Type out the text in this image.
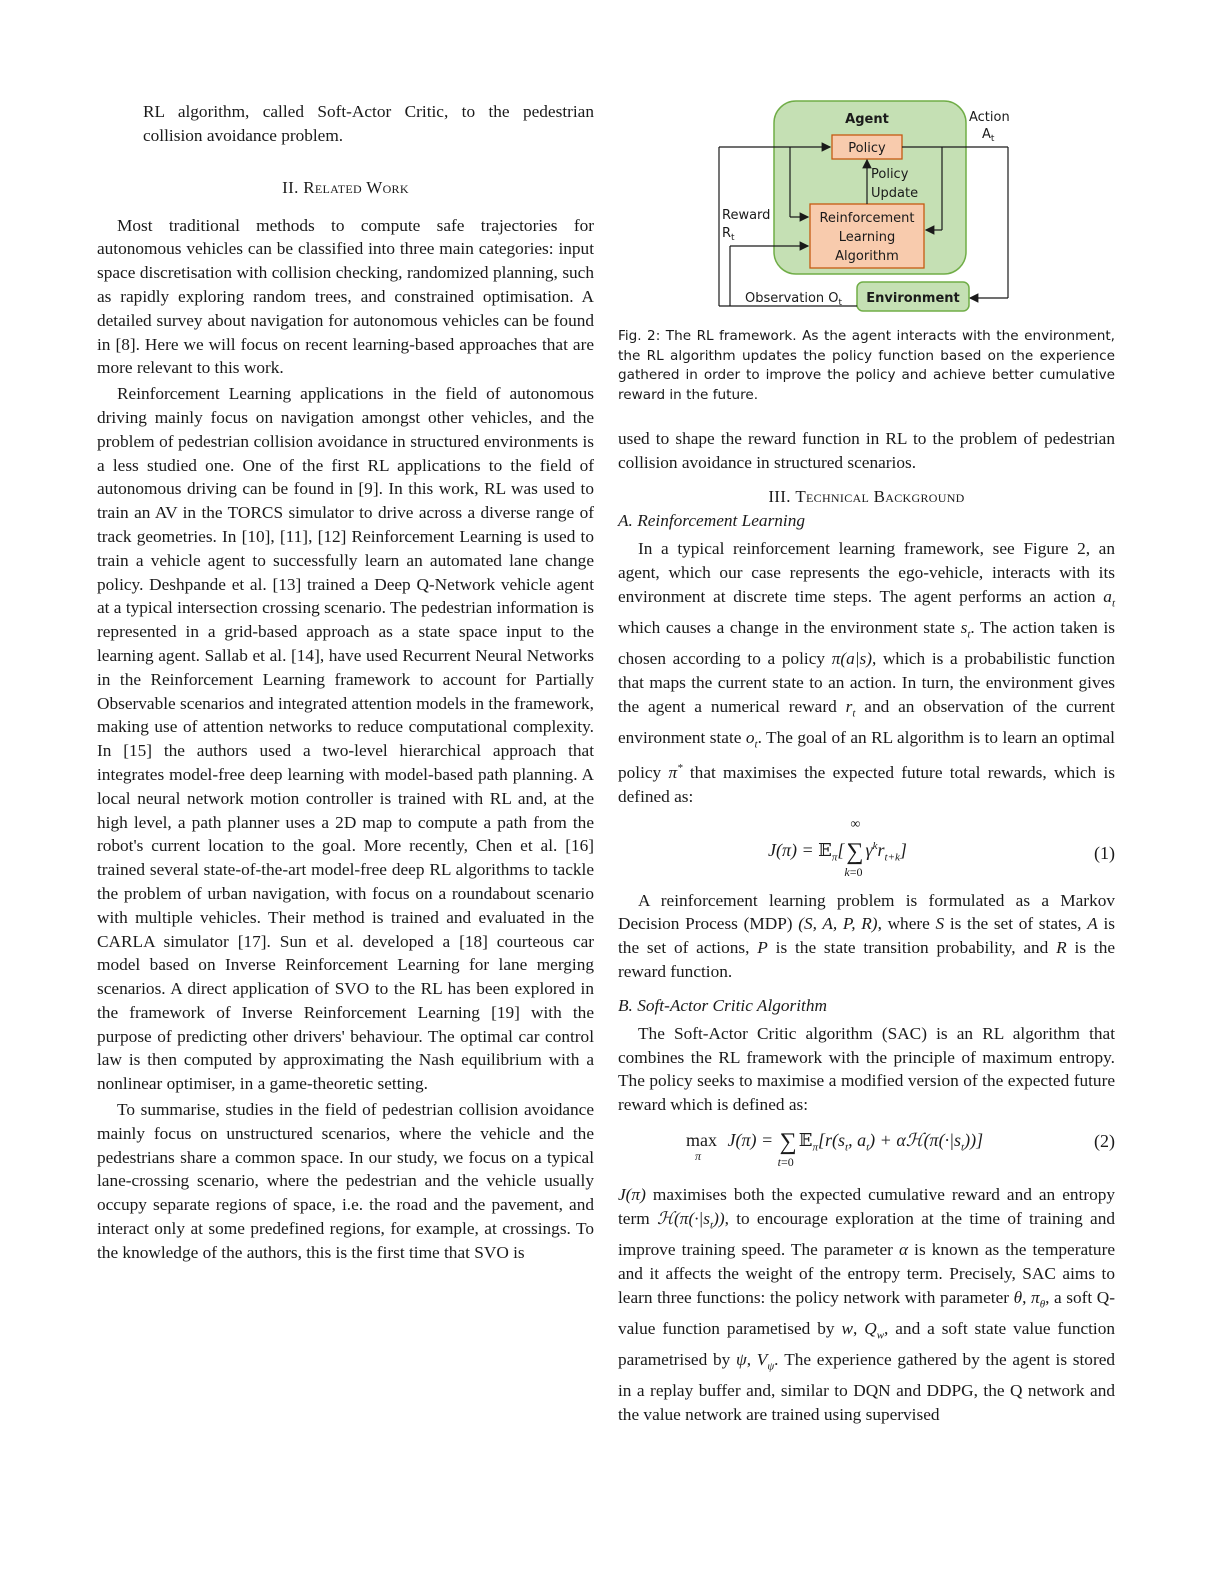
RL algorithm, called Soft-Actor Critic, to the pedestrian collision avoidance problem.

II. Related Work

Most traditional methods to compute safe trajectories for autonomous vehicles can be classified into three main categories: input space discretisation with collision checking, randomized planning, such as rapidly exploring random trees, and constrained optimisation. A detailed survey about navigation for autonomous vehicles can be found in [8]. Here we will focus on recent learning-based approaches that are more relevant to this work.

Reinforcement Learning applications in the field of autonomous driving mainly focus on navigation amongst other vehicles, and the problem of pedestrian collision avoidance in structured environments is a less studied one. One of the first RL applications to the field of autonomous driving can be found in [9]. In this work, RL was used to train an AV in the TORCS simulator to drive across a diverse range of track geometries. In [10], [11], [12] Reinforcement Learning is used to train a vehicle agent to successfully learn an automated lane change policy. Deshpande et al. [13] trained a Deep Q-Network vehicle agent at a typical intersection crossing scenario. The pedestrian information is represented in a grid-based approach as a state space input to the learning agent. Sallab et al. [14], have used Recurrent Neural Networks in the Reinforcement Learning framework to account for Partially Observable scenarios and integrated attention models in the framework, making use of attention networks to reduce computational complexity. In [15] the authors used a two-level hierarchical approach that integrates model-free deep learning with model-based path planning. A local neural network motion controller is trained with RL and, at the high level, a path planner uses a 2D map to compute a path from the robot's current location to the goal. More recently, Chen et al. [16] trained several state-of-the-art model-free deep RL algorithms to tackle the problem of urban navigation, with focus on a roundabout scenario with multiple vehicles. Their method is trained and evaluated in the CARLA simulator [17]. Sun et al. developed a [18] courteous car model based on Inverse Reinforcement Learning for lane merging scenarios. A direct application of SVO to the RL has been explored in the framework of Inverse Reinforcement Learning [19] with the purpose of predicting other drivers' behaviour. The optimal car control law is then computed by approximating the Nash equilibrium with a nonlinear optimiser, in a game-theoretic setting.

To summarise, studies in the field of pedestrian collision avoidance mainly focus on unstructured scenarios, where the vehicle and the pedestrians share a common space. In our study, we focus on a typical lane-crossing scenario, where the pedestrian and the vehicle usually occupy separate regions of space, i.e. the road and the pavement, and interact only at some predefined regions, for example, at crossings. To the knowledge of the authors, this is the first time that SVO is

Agent
Policy
Reinforcement
Learning
Algorithm
Policy
Update
Action
$A_t$
Environment
Reward
$R_t$
Observation $O_t$

Fig. 2: The RL framework. As the agent interacts with the environment, the RL algorithm updates the policy function based on the experience gathered in order to improve the policy and achieve better cumulative reward in the future.

used to shape the reward function in RL to the problem of pedestrian collision avoidance in structured scenarios.

III. Technical Background
A. Reinforcement Learning

In a typical reinforcement learning framework, see Figure 2, an agent, which our case represents the ego-vehicle, interacts with its environment at discrete time steps. The agent performs an action $a_t$ which causes a change in the environment state $s_t$. The action taken is chosen according to a policy π(a|s), which is a probabilistic function that maps the current state to an action. In turn, the environment gives the agent a numerical reward $r_t$ and an observation of the current environment state $o_t$. The goal of an RL algorithm is to learn an optimal policy π* that maximises the expected future total rewards, which is defined as:

J(π) = 𝔼$_\pi$[∑
∞
k=0
$\gamma^kr_{t+k}$]	(1)

A reinforcement learning problem is formulated as a Markov Decision Process (MDP) (S, A, P, R), where S is the set of states, A is the set of actions, P is the state transition probability, and R is the reward function.

B. Soft-Actor Critic Algorithm

The Soft-Actor Critic algorithm (SAC) is an RL algorithm that combines the RL framework with the principle of maximum entropy. The policy seeks to maximise a modified version of the expected future reward which is defined as:

$\max_\pi J(\pi)$ = ∑
t=0
$𝔼_\pi[r(s_t$, $a_t$) + $\alpha ℋ(\pi(\cdot|s_t))$]	(2)

J(π) maximises both the expected cumulative reward and an entropy term $ℋ(\pi(\cdot|s_t))$, to encourage exploration at the time of training and improve training speed. The parameter α is known as the temperature and it affects the weight of the entropy term. Precisely, SAC aims to learn three functions: the policy network with parameter θ, $\pi_\theta$, a soft Q-value function parametised by w, $Q_w$, and a soft state value function parametrised by ψ, $V_\psi$. The experience gathered by the agent is stored in a replay buffer and, similar to DQN and DDPG, the Q network and the value network are trained using supervised
